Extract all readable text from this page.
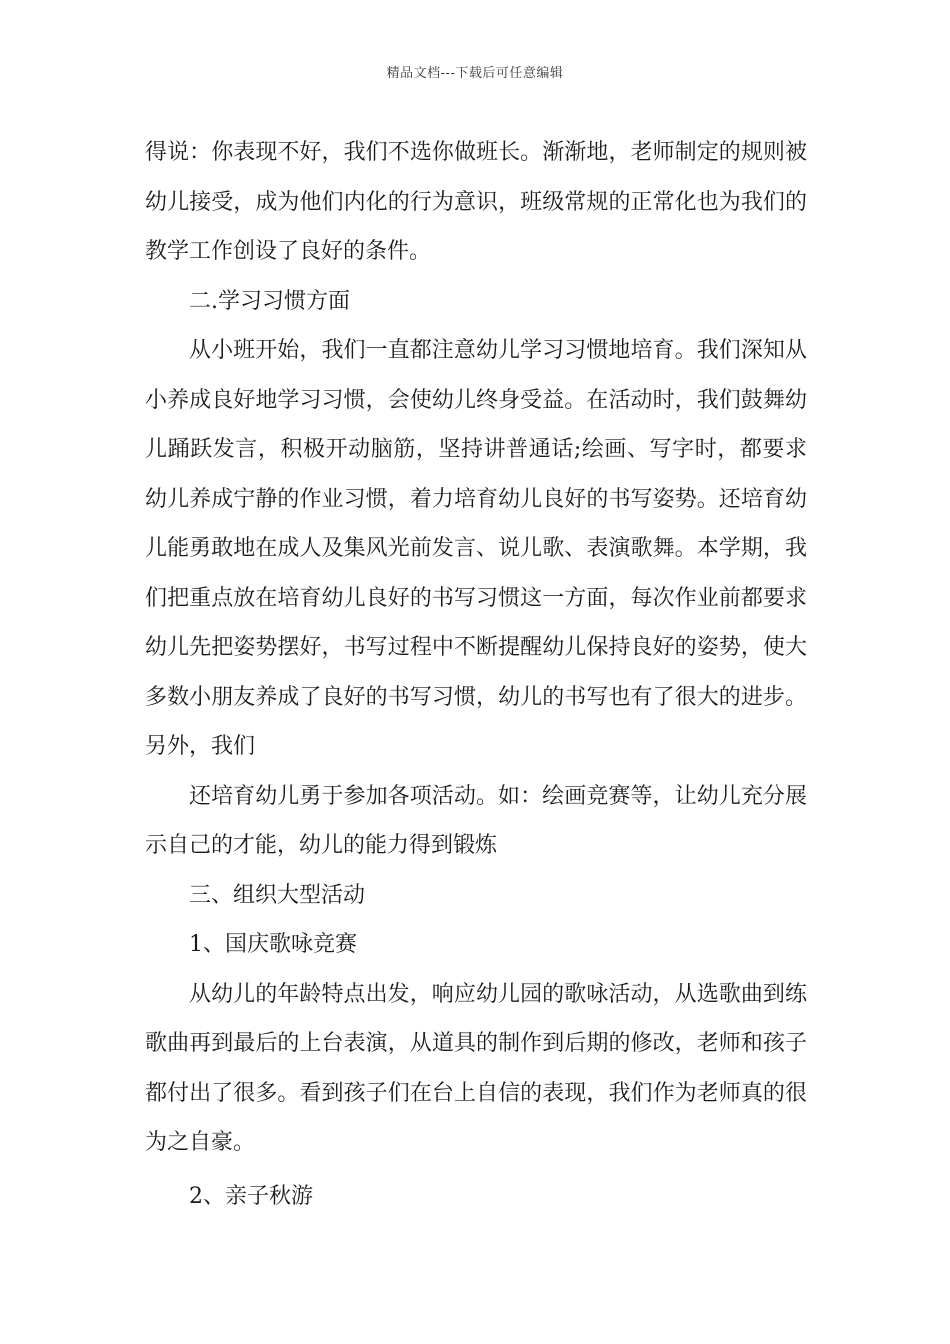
精品文档---下载后可任意编辑

得说：你表现不好，我们不选你做班长。渐渐地，老师制定的规则被幼儿接受，成为他们内化的行为意识，班级常规的正常化也为我们的教学工作创设了良好的条件。

二.学习习惯方面

从小班开始，我们一直都注意幼儿学习习惯地培育。我们深知从小养成良好地学习习惯，会使幼儿终身受益。在活动时，我们鼓舞幼儿踊跃发言，积极开动脑筋，坚持讲普通话;绘画、写字时，都要求幼儿养成宁静的作业习惯，着力培育幼儿良好的书写姿势。还培育幼儿能勇敢地在成人及集风光前发言、说儿歌、表演歌舞。本学期，我们把重点放在培育幼儿良好的书写习惯这一方面，每次作业前都要求幼儿先把姿势摆好，书写过程中不断提醒幼儿保持良好的姿势，使大多数小朋友养成了良好的书写习惯，幼儿的书写也有了很大的进步。另外，我们

还培育幼儿勇于参加各项活动。如：绘画竞赛等，让幼儿充分展示自己的才能，幼儿的能力得到锻炼

三、组织大型活动

1、国庆歌咏竞赛

从幼儿的年龄特点出发，响应幼儿园的歌咏活动，从选歌曲到练歌曲再到最后的上台表演，从道具的制作到后期的修改，老师和孩子都付出了很多。看到孩子们在台上自信的表现，我们作为老师真的很为之自豪。

2、亲子秋游
